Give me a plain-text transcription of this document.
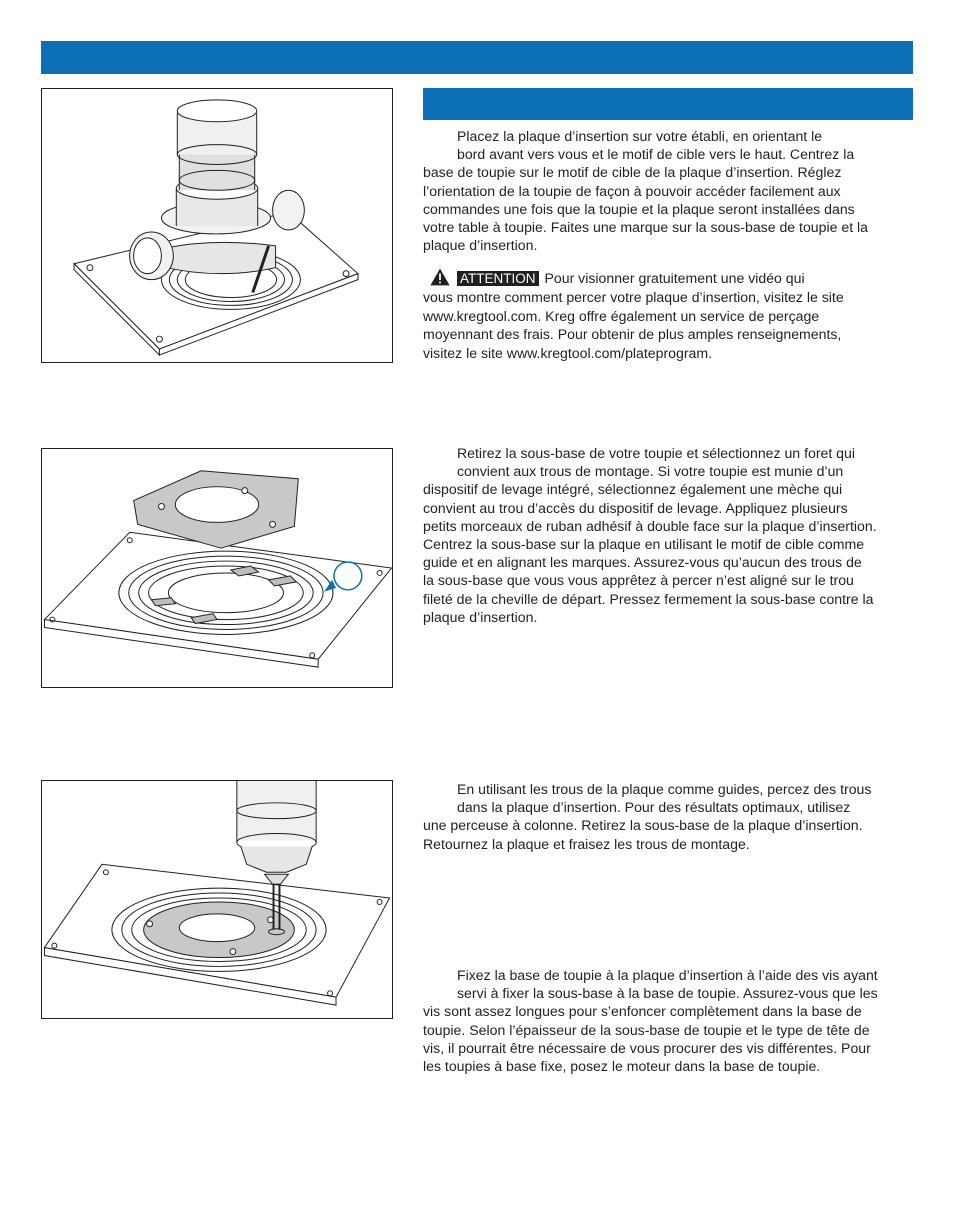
Placez la plaque d’insertion sur votre établi, en orientant le
bord avant vers vous et le motif de cible vers le haut. Centrez la
base de toupie sur le motif de cible de la plaque d’insertion. Réglez
l’orientation de la toupie de façon à pouvoir accéder facilement aux
commandes une fois que la toupie et la plaque seront installées dans
votre table à toupie. Faites une marque sur la sous-base de toupie et la
plaque d’insertion.
ATTENTION Pour visionner gratuitement une vidéo qui
vous montre comment percer votre plaque d’insertion, visitez le site
www.kregtool.com. Kreg offre également un service de perçage
moyennant des frais. Pour obtenir de plus amples renseignements,
visitez le site www.kregtool.com/plateprogram.
Retirez la sous-base de votre toupie et sélectionnez un foret qui
convient aux trous de montage. Si votre toupie est munie d’un
dispositif de levage intégré, sélectionnez également une mèche qui
convient au trou d’accès du dispositif de levage. Appliquez plusieurs
petits morceaux de ruban adhésif à double face sur la plaque d’insertion.
Centrez la sous-base sur la plaque en utilisant le motif de cible comme
guide et en alignant les marques. Assurez-vous qu’aucun des trous de
la sous-base que vous vous apprêtez à percer n’est aligné sur le trou
fileté de la cheville de départ. Pressez fermement la sous-base contre la
plaque d’insertion.
En utilisant les trous de la plaque comme guides, percez des trous
dans la plaque d’insertion. Pour des résultats optimaux, utilisez
une perceuse à colonne. Retirez la sous-base de la plaque d’insertion.
Retournez la plaque et fraisez les trous de montage.
Fixez la base de toupie à la plaque d’insertion à l’aide des vis ayant
servi à fixer la sous-base à la base de toupie. Assurez-vous que les
vis sont assez longues pour s’enfoncer complètement dans la base de
toupie. Selon l’épaisseur de la sous-base de toupie et le type de tête de
vis, il pourrait être nécessaire de vous procurer des vis différentes. Pour
les toupies à base fixe, posez le moteur dans la base de toupie.
